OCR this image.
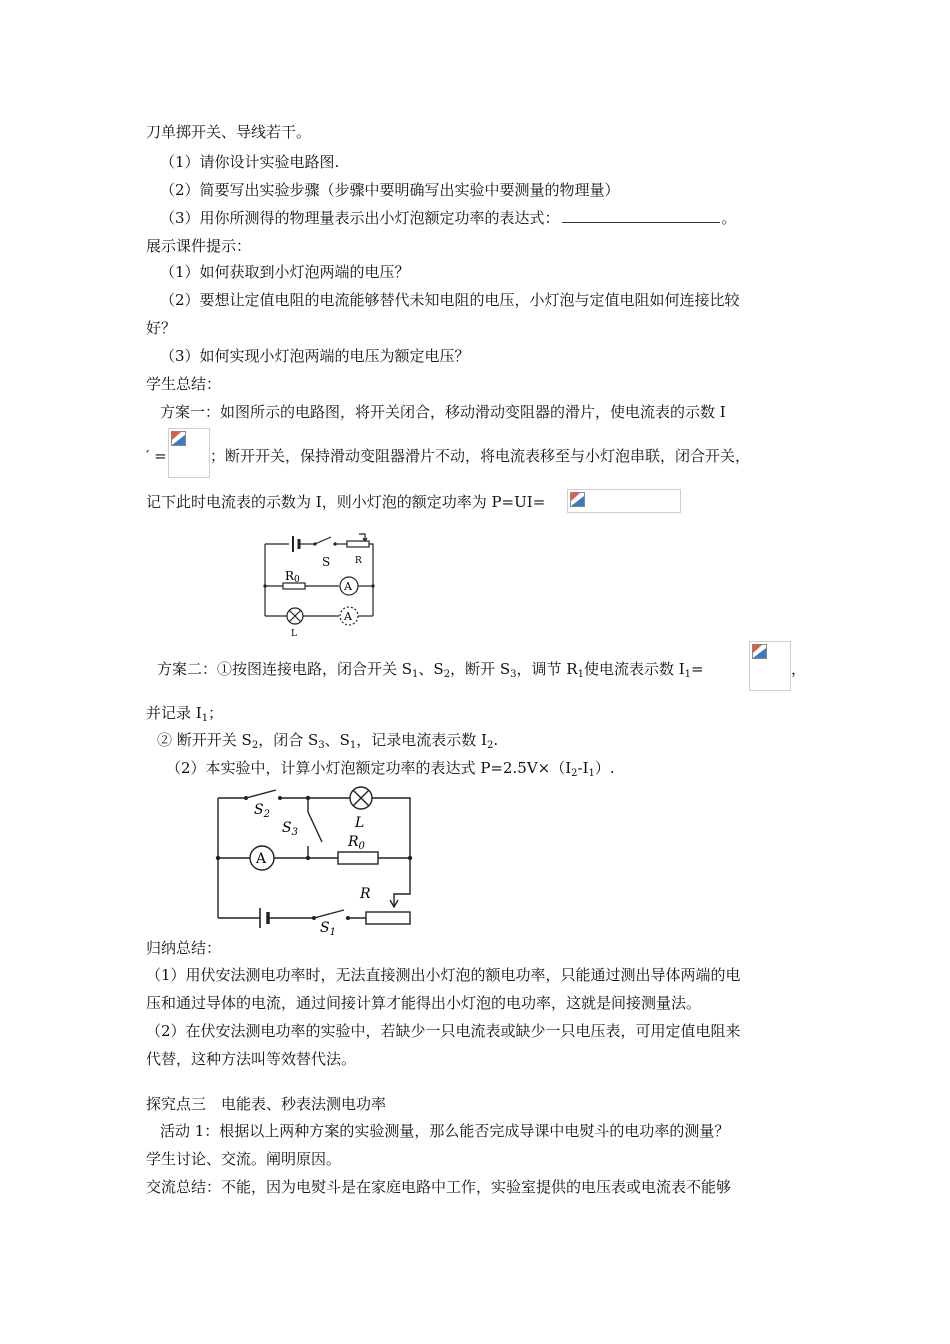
刀单掷开关、导线若干。
（1）请你设计实验电路图.
（2）简要写出实验步骤（步骤中要明确写出实验中要测量的物理量）
（3）用你所测得的物理量表示出小灯泡额定功率的表达式：	。
展示课件提示：
（1）如何获取到小灯泡两端的电压？
（2）要想让定值电阻的电流能够替代未知电阻的电压，小灯泡与定值电阻如何连接比较
好？
（3）如何实现小灯泡两端的电压为额定电压？
学生总结：
方案一：如图所示的电路图，将开关闭合，移动滑动变阻器的滑片，使电流表的示数 I
′ =	；断开开关，保持滑动变阻器滑片不动，将电流表移至与小灯泡串联，闭合开关，
记下此时电流表的示数为 I，则小灯泡的额定功率为 P=UI=
S	R
R0	A
A
L
方案二：①按图连接电路，闭合开关 $S_1$、$S_2$，断开 $S_3$，调节 $R_1$使电流表示数 $I_1=$	，
并记录 $I_1$；
② 断开开关 $S_2$，闭合 $S_3$、$S_1$，记录电流表示数 $I_2$.
（2）本实验中，计算小灯泡额定功率的表达式 $P=2.5V\times(I_2-I_1)$.
$S_2$
$S_3$
L
$R_0$
A
R
$S_1$
归纳总结：
（1）用伏安法测电功率时，无法直接测出小灯泡的额电功率，只能通过测出导体两端的电
压和通过导体的电流，通过间接计算才能得出小灯泡的电功率，这就是间接测量法。
（2）在伏安法测电功率的实验中，若缺少一只电流表或缺少一只电压表，可用定值电阻来
代替，这种方法叫等效替代法。
探究点三　电能表、秒表法测电功率
活动 1：根据以上两种方案的实验测量，那么能否完成导课中电熨斗的电功率的测量？
学生讨论、交流。阐明原因。
交流总结：不能，因为电熨斗是在家庭电路中工作，实验室提供的电压表或电流表不能够
